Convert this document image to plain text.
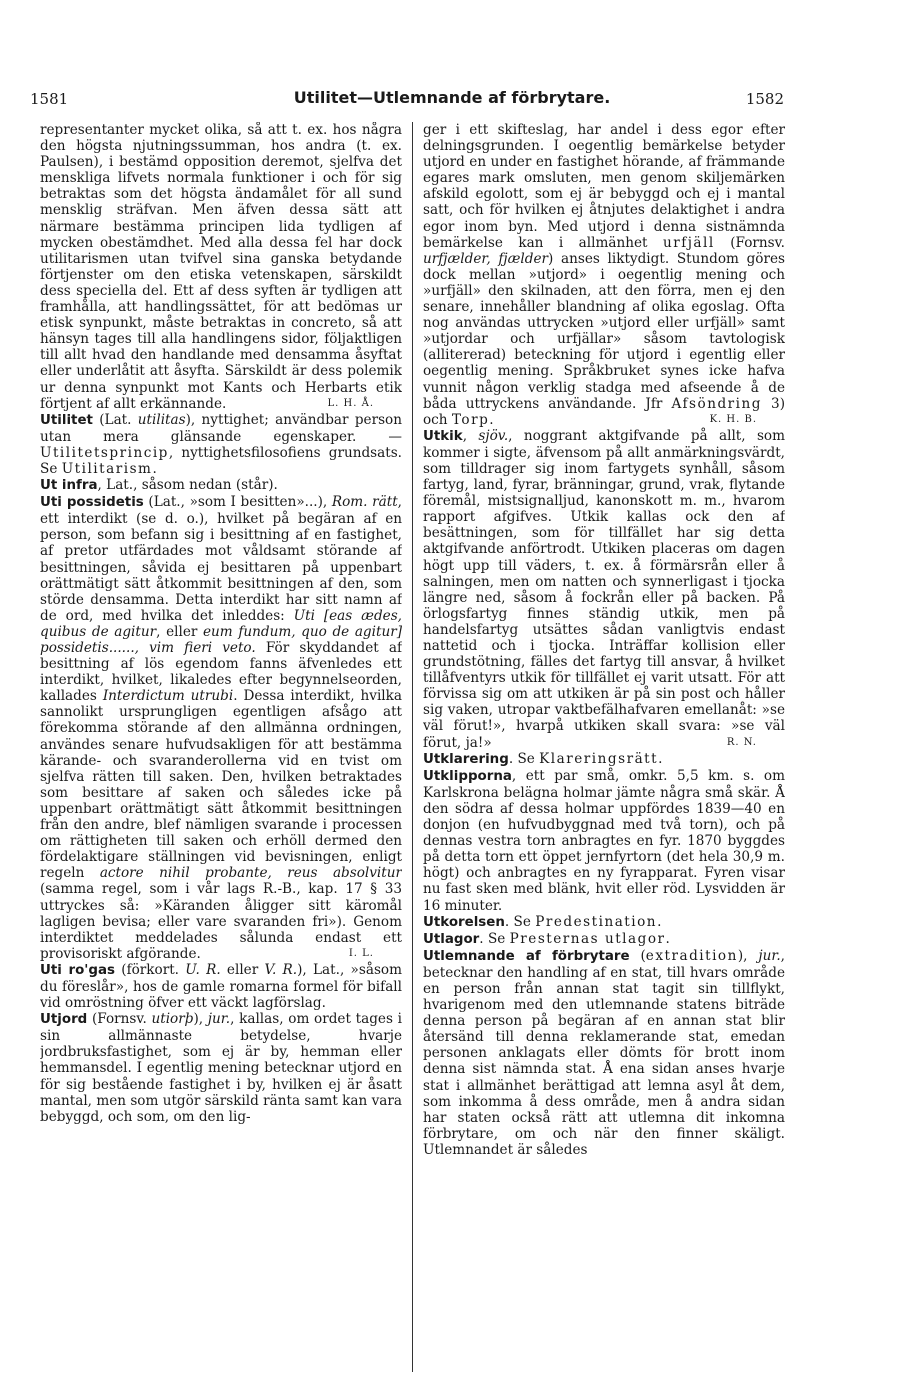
1581	Utilitet—Utlemnande af förbrytare.	1582

representanter mycket olika, så att t. ex. hos några den högsta njutningssumman, hos andra (t. ex. Paulsen), i bestämd opposition deremot, sjelfva det menskliga lifvets normala funktioner i och för sig betraktas som det högsta ändamålet för all sund mensklig sträfvan. Men äfven dessa sätt att närmare bestämma principen lida tydligen af mycken obestämdhet. Med alla dessa fel har dock utilitarismen utan tvifvel sina ganska betydande förtjenster om den etiska vetenskapen, särskildt dess speciella del. Ett af dess syften är tydligen att framhålla, att handlingssättet, för att bedömas ur etisk synpunkt, måste betraktas in concreto, så att hänsyn tages till alla handlingens sidor, följaktligen till allt hvad den handlande med densamma åsyftat eller underlåtit att åsyfta. Särskildt är dess polemik ur denna synpunkt mot Kants och Herbarts etik förtjent af allt erkännande.	L. H. Å.

Utilitet (Lat. utilitas), nyttighet; användbar person utan mera glänsande egenskaper. — Utilitetsprincip, nyttighetsfilosofiens grundsats. Se Utilitarism.

Ut infra, Lat., såsom nedan (står).

Uti possidetis (Lat., »som I besitten»...), Rom. rätt, ett interdikt (se d. o.), hvilket på begäran af en person, som befann sig i besittning af en fastighet, af pretor utfärdades mot våldsamt störande af besittningen, såvida ej besittaren på uppenbart orättmätigt sätt åtkommit besittningen af den, som störde densamma. Detta interdikt har sitt namn af de ord, med hvilka det inleddes: Uti [eas ædes, quibus de agitur, eller eum fundum, quo de agitur] possidetis......, vim fieri veto. För skyddandet af besittning af lös egendom fanns äfvenledes ett interdikt, hvilket, likaledes efter begynnelseorden, kallades Interdictum utrubi. Dessa interdikt, hvilka sannolikt ursprungligen egentligen afsågo att förekomma störande af den allmänna ordningen, användes senare hufvudsakligen för att bestämma kärande- och svaranderollerna vid en tvist om sjelfva rätten till saken. Den, hvilken betraktades som besittare af saken och således icke på uppenbart orättmätigt sätt åtkommit besittningen från den andre, blef nämligen svarande i processen om rättigheten till saken och erhöll dermed den fördelaktigare ställningen vid bevisningen, enligt regeln actore nihil probante, reus absolvitur (samma regel, som i vår lags R.-B., kap. 17 § 33 uttryckes så: »Käranden åligger sitt käromål lagligen bevisa; eller vare svaranden fri»). Genom interdiktet meddelades sålunda endast ett provisoriskt afgörande.	I. L.

Uti ro'gas (förkort. U. R. eller V. R.), Lat., »såsom du föreslår», hos de gamle romarna formel för bifall vid omröstning öfver ett väckt lagförslag.

Utjord (Fornsv. utiorþ), jur., kallas, om ordet tages i sin allmännaste betydelse, hvarje jordbruksfastighet, som ej är by, hemman eller hemmansdel. I egentlig mening betecknar utjord en för sig bestående fastighet i by, hvilken ej är åsatt mantal, men som utgör särskild ränta samt kan vara bebyggd, och som, om den lig-

ger i ett skifteslag, har andel i dess egor efter delningsgrunden. I oegentlig bemärkelse betyder utjord en under en fastighet hörande, af främmande egares mark omsluten, men genom skiljemärken afskild egolott, som ej är bebyggd och ej i mantal satt, och för hvilken ej åtnjutes delaktighet i andra egor inom byn. Med utjord i denna sistnämnda bemärkelse kan i allmänhet urfjäll (Fornsv. urfjælder, fjælder) anses liktydigt. Stundom göres dock mellan »utjord» i oegentlig mening och »urfjäll» den skilnaden, att den förra, men ej den senare, innehåller blandning af olika egoslag. Ofta nog användas uttrycken »utjord eller urfjäll» samt »utjordar och urfjällar» såsom tavtologisk (allitererad) beteckning för utjord i egentlig eller oegentlig mening. Språkbruket synes icke hafva vunnit någon verklig stadga med afseende å de båda uttryckens användande. Jfr Afsöndring 3) och Torp.	K. H. B.

Utkik, sjöv., noggrant aktgifvande på allt, som kommer i sigte, äfvensom på allt anmärkningsvärdt, som tilldrager sig inom fartygets synhåll, såsom fartyg, land, fyrar, bränningar, grund, vrak, flytande föremål, mistsignalljud, kanonskott m. m., hvarom rapport afgifves. Utkik kallas ock den af besättningen, som för tillfället har sig detta aktgifvande anförtrodt. Utkiken placeras om dagen högt upp till väders, t. ex. å förmärsrån eller å salningen, men om natten och synnerligast i tjocka längre ned, såsom å fockrån eller på backen. På örlogsfartyg finnes ständig utkik, men på handelsfartyg utsättes sådan vanligtvis endast nattetid och i tjocka. Inträffar kollision eller grundstötning, fälles det fartyg till ansvar, å hvilket tillåfventyrs utkik för tillfället ej varit utsatt. För att förvissa sig om att utkiken är på sin post och håller sig vaken, utropar vaktbefälhafvaren emellanåt: »se väl förut!», hvarpå utkiken skall svara: »se väl förut, ja!»	R. N.

Utklarering. Se Klareringsrätt.

Utklipporna, ett par små, omkr. 5,5 km. s. om Karlskrona belägna holmar jämte några små skär. Å den södra af dessa holmar uppfördes 1839—40 en donjon (en hufvudbyggnad med två torn), och på dennas vestra torn anbragtes en fyr. 1870 byggdes på detta torn ett öppet jernfyrtorn (det hela 30,9 m. högt) och anbragtes en ny fyrapparat. Fyren visar nu fast sken med blänk, hvit eller röd. Lysvidden är 16 minuter.

Utkorelsen. Se Predestination.

Utlagor. Se Presternas utlagor.

Utlemnande af förbrytare (extradition), jur., betecknar den handling af en stat, till hvars område en person från annan stat tagit sin tillflykt, hvarigenom med den utlemnande statens biträde denna person på begäran af en annan stat blir återsänd till denna reklamerande stat, emedan personen anklagats eller dömts för brott inom denna sist nämnda stat. Å ena sidan anses hvarje stat i allmänhet berättigad att lemna asyl åt dem, som inkomma å dess område, men å andra sidan har staten också rätt att utlemna dit inkomna förbrytare, om och när den finner skäligt. Utlemnandet är således
